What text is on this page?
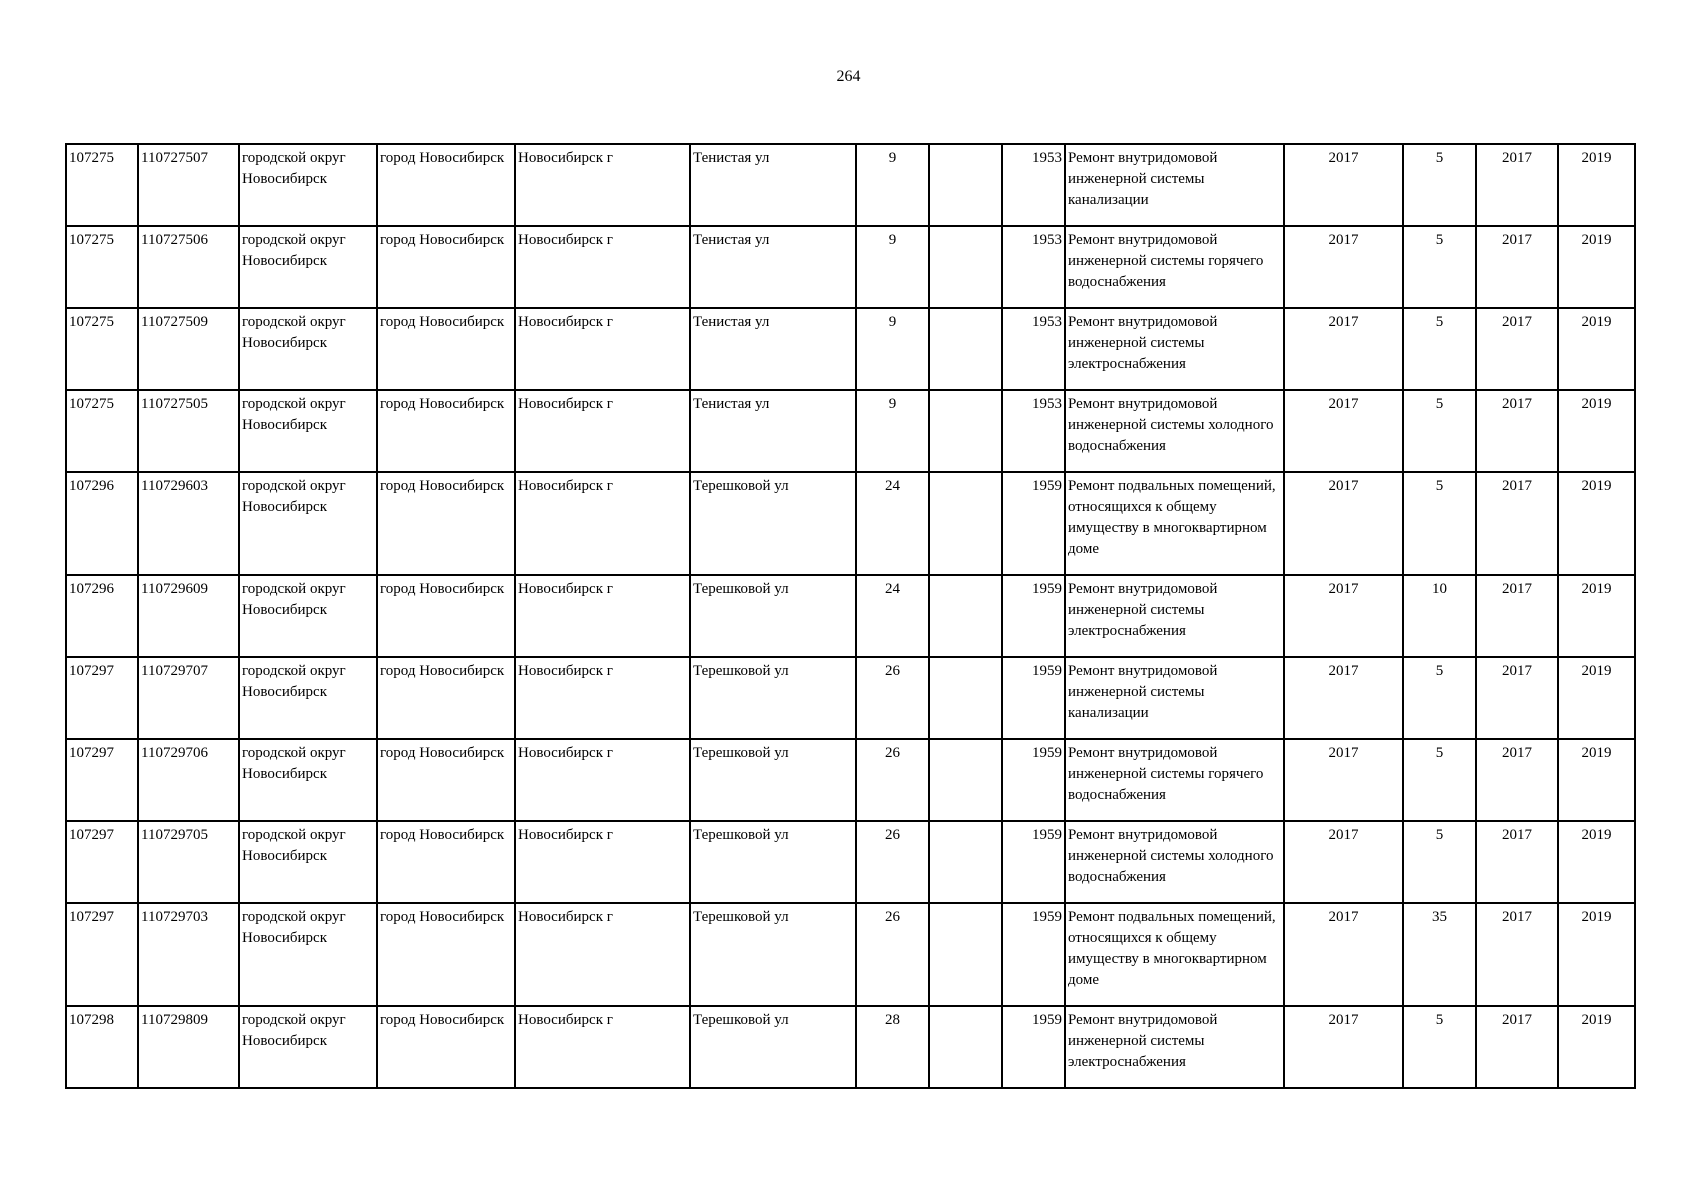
264
107275	110727507	городской округ Новосибирск	город Новосибирск	Новосибирск г	Тенистая ул	9		1953	Ремонт внутридомовой инженерной системы канализации	2017	5	2017	2019
107275	110727506	городской округ Новосибирск	город Новосибирск	Новосибирск г	Тенистая ул	9		1953	Ремонт внутридомовой инженерной системы горячего водоснабжения	2017	5	2017	2019
107275	110727509	городской округ Новосибирск	город Новосибирск	Новосибирск г	Тенистая ул	9		1953	Ремонт внутридомовой инженерной системы электроснабжения	2017	5	2017	2019
107275	110727505	городской округ Новосибирск	город Новосибирск	Новосибирск г	Тенистая ул	9		1953	Ремонт внутридомовой инженерной системы холодного водоснабжения	2017	5	2017	2019
107296	110729603	городской округ Новосибирск	город Новосибирск	Новосибирск г	Терешковой ул	24		1959	Ремонт подвальных помещений, относящихся к общему имуществу в многоквартирном доме	2017	5	2017	2019
107296	110729609	городской округ Новосибирск	город Новосибирск	Новосибирск г	Терешковой ул	24		1959	Ремонт внутридомовой инженерной системы электроснабжения	2017	10	2017	2019
107297	110729707	городской округ Новосибирск	город Новосибирск	Новосибирск г	Терешковой ул	26		1959	Ремонт внутридомовой инженерной системы канализации	2017	5	2017	2019
107297	110729706	городской округ Новосибирск	город Новосибирск	Новосибирск г	Терешковой ул	26		1959	Ремонт внутридомовой инженерной системы горячего водоснабжения	2017	5	2017	2019
107297	110729705	городской округ Новосибирск	город Новосибирск	Новосибирск г	Терешковой ул	26		1959	Ремонт внутридомовой инженерной системы холодного водоснабжения	2017	5	2017	2019
107297	110729703	городской округ Новосибирск	город Новосибирск	Новосибирск г	Терешковой ул	26		1959	Ремонт подвальных помещений, относящихся к общему имуществу в многоквартирном доме	2017	35	2017	2019
107298	110729809	городской округ Новосибирск	город Новосибирск	Новосибирск г	Терешковой ул	28		1959	Ремонт внутридомовой инженерной системы электроснабжения	2017	5	2017	2019
